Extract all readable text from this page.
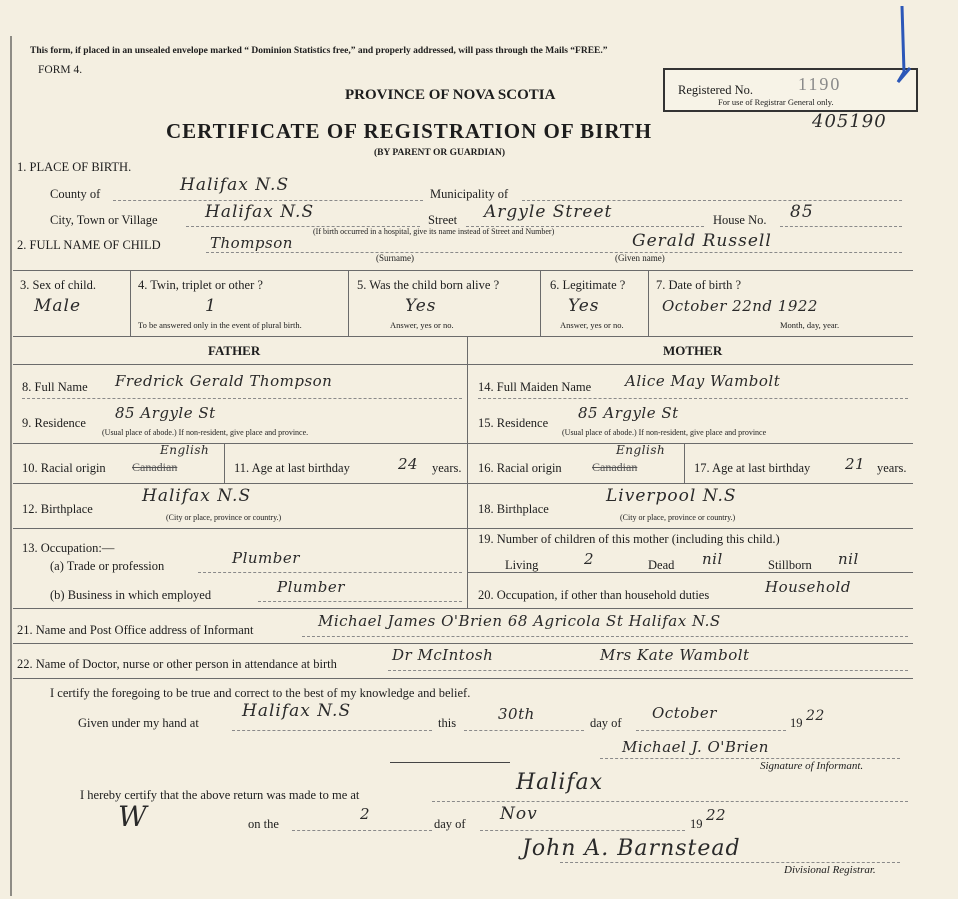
This form, if placed in an unsealed envelope marked “ Dominion Statistics free,” and properly addressed, will pass through the Mails “FREE.”
FORM 4.
PROVINCE OF NOVA SCOTIA
CERTIFICATE OF REGISTRATION OF BIRTH
(BY PARENT OR GUARDIAN)
Registered No.	1190
For use of Registrar General only.
405190
1. PLACE OF BIRTH.
County of	Halifax N.S	Municipality of
City, Town or Village	Halifax N.S	Street Argyle Street	House No. 85
(If birth occurred in a hospital, give its name instead of Street and Number)
2. FULL NAME OF CHILD	Thompson
(Surname)
Gerald Russell
(Given name)
3. Sex of child.
Male
4. Twin, triplet or other ?
1
To be answered only in the event of plural birth.
5. Was the child born alive ?
Yes
Answer, yes or no.
6. Legitimate ?
Yes
Answer, yes or no.
7. Date of birth ?
October 22nd 1922
Month, day, year.
FATHER	MOTHER
8. Full Name Fredrick Gerald Thompson
9. Residence
85 Argyle St
(Usual place of abode.) If non-resident, give place and province.
10. Racial origin Canadian
English
11. Age at last birthday	24 years.
12. Birthplace
Halifax N.S
(City or place, province or country.)
13. Occupation:—
(a) Trade or profession	Plumber
(b) Business in which employed	Plumber
14. Full Maiden Name Alice May Wambolt
15. Residence
85 Argyle St
(Usual place of abode.) If non-resident, give place and province
16. Racial origin	Canadian
English
17. Age at last birthday 21 years.
18. Birthplace
Liverpool N.S
(City or place, province or country.)
19. Number of children of this mother (including this child.)
Living	2	Dead nil	Stillborn nil
20. Occupation, if other than household duties	Household
21. Name and Post Office address of Informant	Michael James O'Brien 68 Agricola St Halifax N.S
22. Name of Doctor, nurse or other person in attendance at birth	Dr McIntosh	Mrs Kate Wambolt
I certify the foregoing to be true and correct to the best of my knowledge and belief.
Given under my hand at
Halifax N.S
this	30th	day of
October
19 22
Michael J. O'Brien
Signature of Informant.
I hereby certify that the above return was made to me at	Halifax
W	on the
2
day of Nov	19 22
John A. Barnstead
Divisional Registrar.
